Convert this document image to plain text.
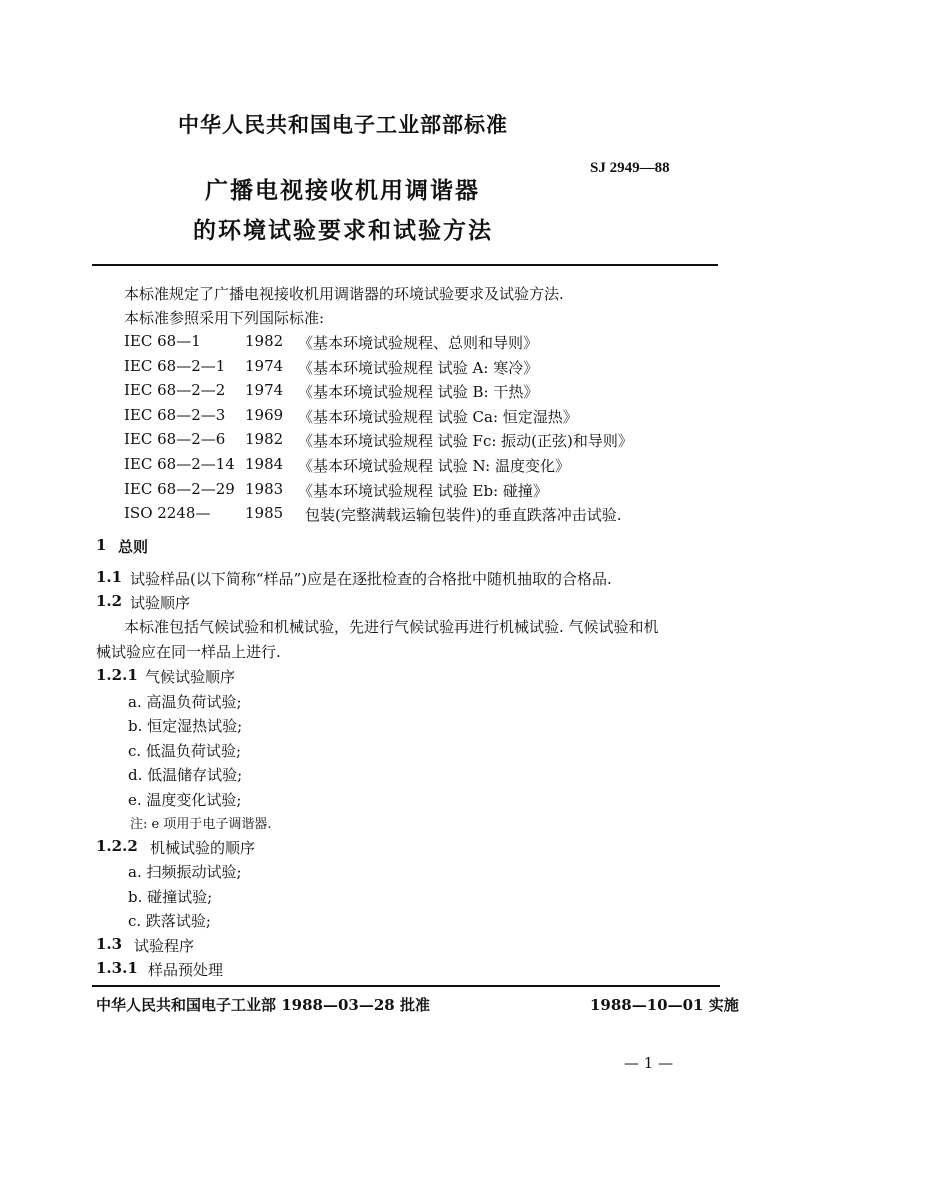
中华人民共和国电子工业部部标准
SJ 2949—88
广播电视接收机用调谐器
的环境试验要求和试验方法
本标准规定了广播电视接收机用调谐器的环境试验要求及试验方法.
本标准参照采用下列国际标准:
IEC 68—1	1982 《基本环境试验规程、总则和导则》
IEC 68—2—1 1974 《基本环境试验规程 试验 A: 寒冷》
IEC 68—2—2 1974 《基本环境试验规程 试验 B: 干热》
IEC 68—2—3 1969 《基本环境试验规程 试验 Ca: 恒定湿热》
IEC 68—2—6 1982 《基本环境试验规程 试验 Fc: 振动(正弦)和导则》
IEC 68—2—14 1984 《基本环境试验规程 试验 N: 温度变化》
IEC 68—2—29 1983 《基本环境试验规程 试验 Eb: 碰撞》
ISO 2248— 1985 包装(完整满载运输包装件)的垂直跌落冲击试验.
1 总则
1.1 试验样品(以下简称“样品”)应是在逐批检查的合格批中随机抽取的合格品.
1.2 试验顺序
本标准包括气候试验和机械试验，先进行气候试验再进行机械试验. 气候试验和机
械试验应在同一样品上进行.
1.2.1 气候试验顺序
a. 高温负荷试验;
b. 恒定湿热试验;
c. 低温负荷试验;
d. 低温储存试验;
e. 温度变化试验;
注: e 项用于电子调谐器.
1.2.2 机械试验的顺序
a. 扫频振动试验;
b. 碰撞试验;
c. 跌落试验;
1.3 试验程序
1.3.1 样品预处理
中华人民共和国电子工业部 1988—03—28 批准	1988—10—01 实施
— 1 —
